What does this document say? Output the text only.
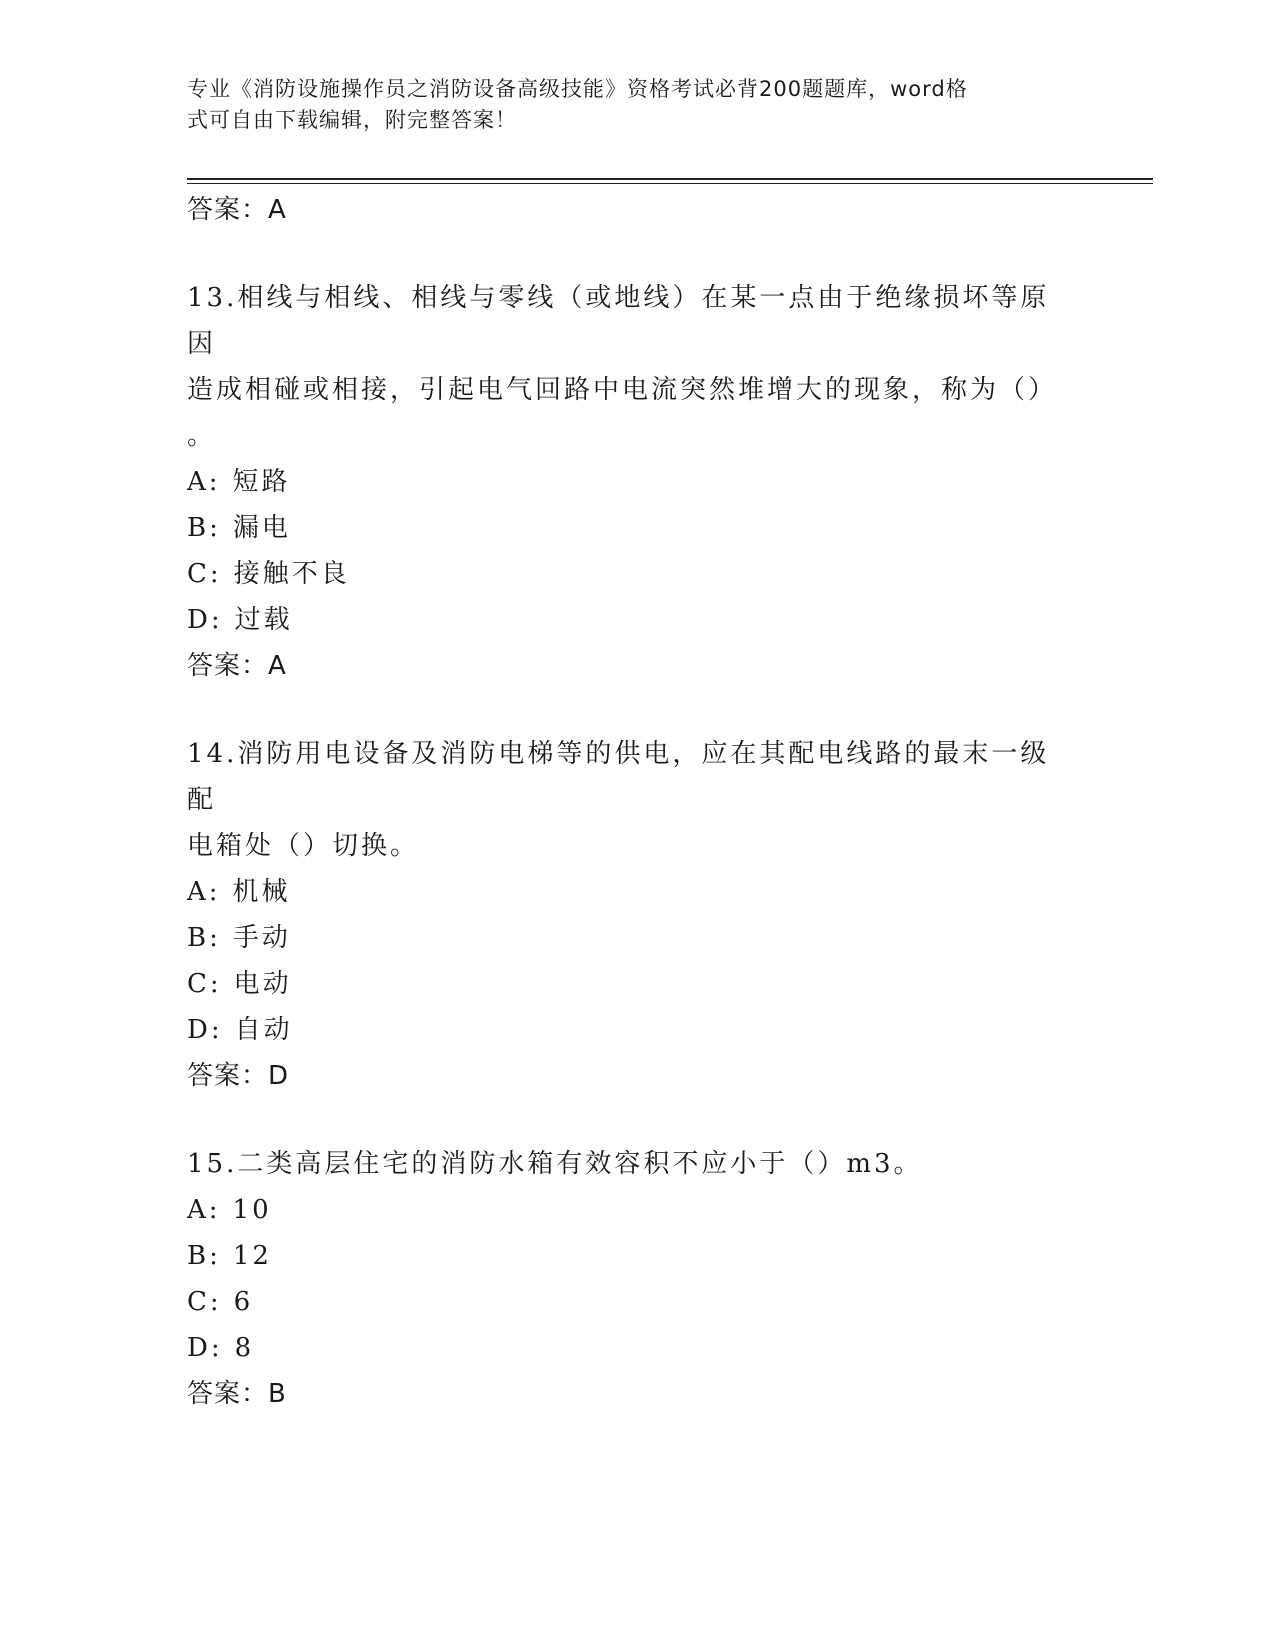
专业《消防设施操作员之消防设备高级技能》资格考试必背200题题库，word格
式可自由下载编辑，附完整答案！
答案：A
13.相线与相线、相线与零线（或地线）在某一点由于绝缘损坏等原因
造成相碰或相接，引起电气回路中电流突然堆增大的现象，称为（）
。
A: 短路
B: 漏电
C: 接触不良
D: 过载
答案：A
14.消防用电设备及消防电梯等的供电，应在其配电线路的最末一级配
电箱处（）切换。
A: 机械
B: 手动
C: 电动
D: 自动
答案：D
15.二类高层住宅的消防水箱有效容积不应小于（）m3。
A: 10
B: 12
C: 6
D: 8
答案：B
